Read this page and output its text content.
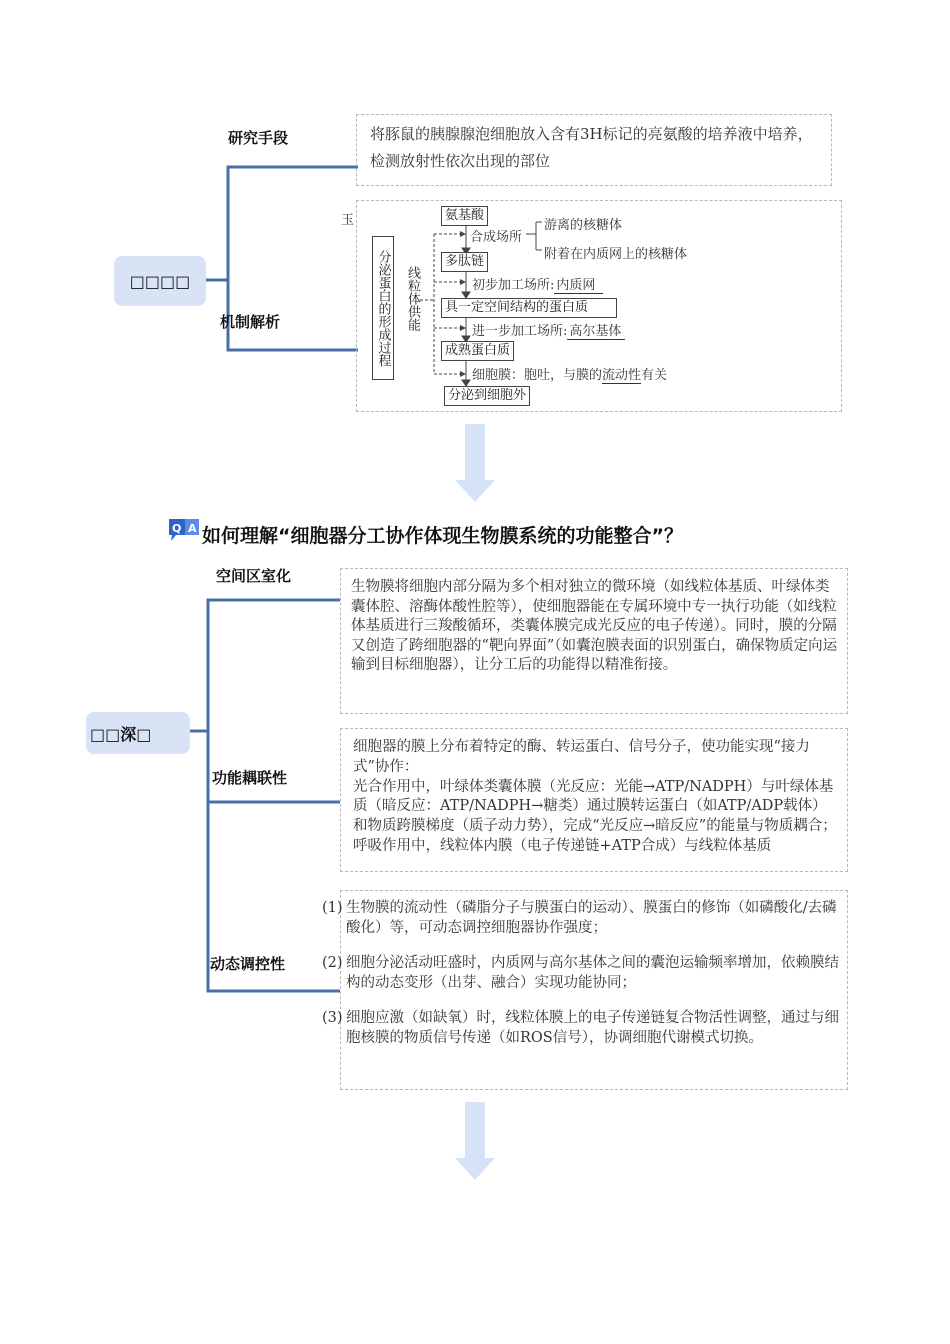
□□□□
研究手段
机制解析
将豚鼠的胰腺腺泡细胞放入含有3H标记的亮氨酸的培养液中培养，检测放射性依次出现的部位
玉
分泌蛋白的形成过程 线粒体供能
氨基酸
合成场所
游离的核糖体
附着在内质网上的核糖体
多肽链
初步加工场所: 内质网
具一定空间结构的蛋白质
进一步加工场所: 高尔基体
成熟蛋白质
细胞膜：胞吐，与膜的流动性有关
分泌到细胞外
Q A 如何理解“细胞器分工协作体现生物膜系统的功能整合”？
□□深□
空间区室化
功能耦联性
动态调控性
生物膜将细胞内部分隔为多个相对独立的微环境（如线粒体基质、叶绿体类囊体腔、溶酶体酸性腔等），使细胞器能在专属环境中专一执行功能（如线粒体基质进行三羧酸循环，类囊体膜完成光反应的电子传递）。同时，膜的分隔又创造了跨细胞器的“靶向界面”（如囊泡膜表面的识别蛋白，确保物质定向运输到目标细胞器），让分工后的功能得以精准衔接。
细胞器的膜上分布着特定的酶、转运蛋白、信号分子，使功能实现“接力式”协作：
光合作用中，叶绿体类囊体膜（光反应：光能→ATP/NADPH）与叶绿体基质（暗反应：ATP/NADPH→糖类）通过膜转运蛋白（如ATP/ADP载体）和物质跨膜梯度（质子动力势），完成“光反应→暗反应”的能量与物质耦合；
呼吸作用中，线粒体内膜（电子传递链+ATP合成）与线粒体基质
(1) 生物膜的流动性（磷脂分子与膜蛋白的运动）、膜蛋白的修饰（如磷酸化/去磷酸化）等，可动态调控细胞器协作强度；
(2) 细胞分泌活动旺盛时，内质网与高尔基体之间的囊泡运输频率增加，依赖膜结构的动态变形（出芽、融合）实现功能协同；
(3) 细胞应激（如缺氧）时，线粒体膜上的电子传递链复合物活性调整，通过与细胞核膜的物质信号传递（如ROS信号），协调细胞代谢模式切换。
